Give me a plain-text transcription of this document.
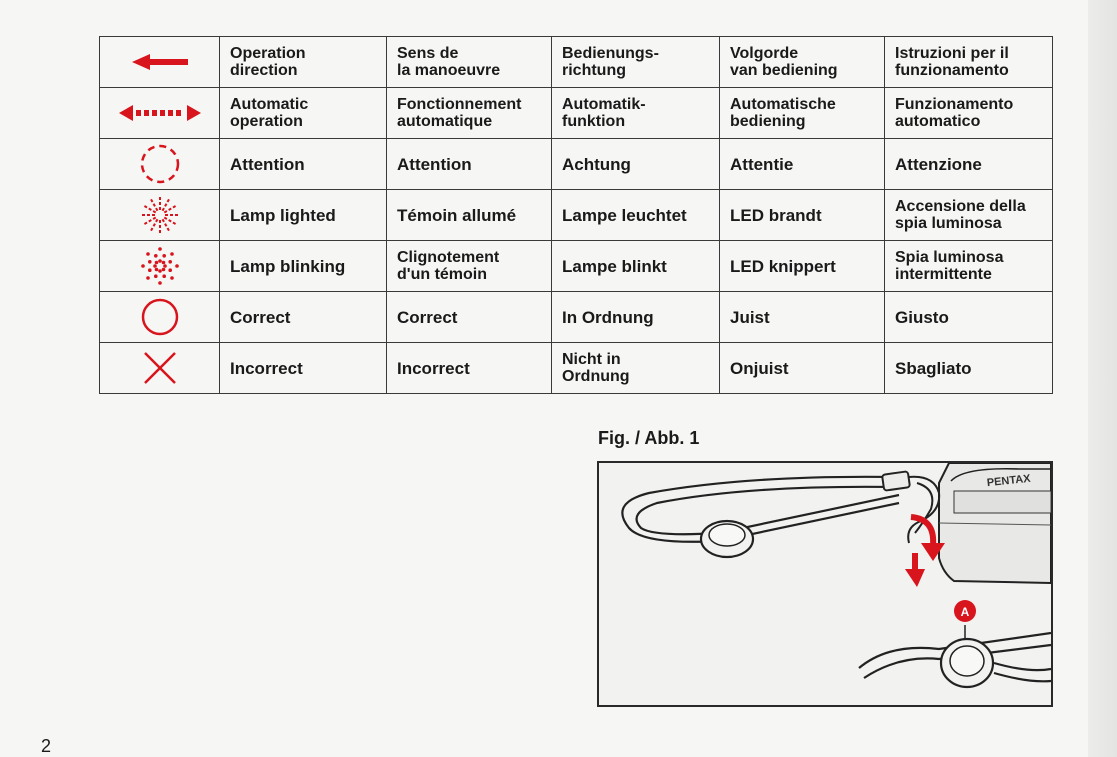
	Operation
direction	Sens de
la manoeuvre	Bedienungs-
richtung	Volgorde
van bediening	Istruzioni per il
funzionamento

	Automatic
operation	Fonctionnement
automatique	Automatik-
funktion	Automatische
bediening	Funzionamento
automatico

	Attention	Attention	Achtung	Attentie	Attenzione

	Lamp lighted	Témoin allumé	Lampe leuchtet	LED brandt	Accensione della
spia luminosa

	Lamp blinking	Clignotement
d'un témoin	Lampe blinkt	LED knippert	Spia luminosa
intermittente

	Correct	Correct	In Ordnung	Juist	Giusto

	Incorrect	Incorrect	Nicht in
Ordnung	Onjuist	Sbagliato
Fig. / Abb. 1
A
PENTAX
2
